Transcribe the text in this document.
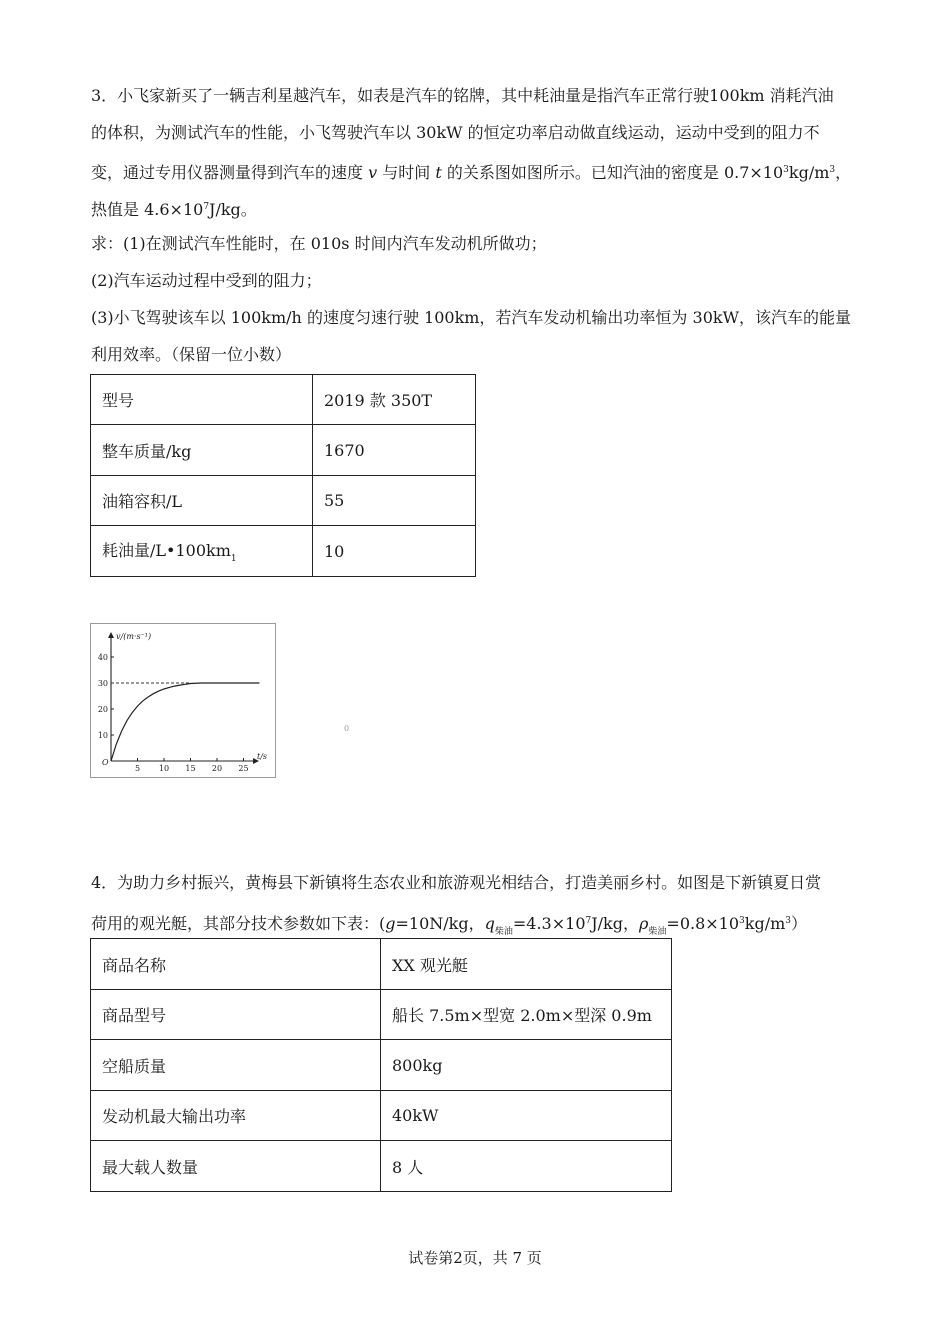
3．小飞家新买了一辆吉利星越汽车，如表是汽车的铭牌，其中耗油量是指汽车正常行驶100km 消耗汽油
的体积，为测试汽车的性能，小飞驾驶汽车以 30kW 的恒定功率启动做直线运动，运动中受到的阻力不
变，通过专用仪器测量得到汽车的速度 v 与时间 t 的关系图如图所示。已知汽油的密度是 $0.7\times 10^3kg/m^3$，
热值是 $4.6\times 10^7J/kg$。
求：(1)在测试汽车性能时，在 010s 时间内汽车发动机所做功；
(2)汽车运动过程中受到的阻力；
(3)小飞驾驶该车以 100km/h 的速度匀速行驶 100km，若汽车发动机输出功率恒为 30kW，该汽车的能量
利用效率。（保留一位小数）
型号	2019 款 350T
整车质量/kg	1670
油箱容积/L	55
耗油量$/L•100km_1$	10
v/(m·s⁻¹)
t/s
O
5 10 15 20 25
10
20
30
40
0
4．为助力乡村振兴，黄梅县下新镇将生态农业和旅游观光相结合，打造美丽乡村。如图是下新镇夏日赏
荷用的观光艇，其部分技术参数如下表：(g=10N/kg，$q_{柴油}=4.3\times 10^7J/kg$，$\rho_{柴油}=0.8\times 10^3kg/m^3$）
商品名称	XX 观光艇
商品型号	船长 7.5m×型宽 2.0m×型深 0.9m
空船质量	800kg
发动机最大输出功率	40kW
最大载人数量	8 人
试卷第2页，共 7 页
